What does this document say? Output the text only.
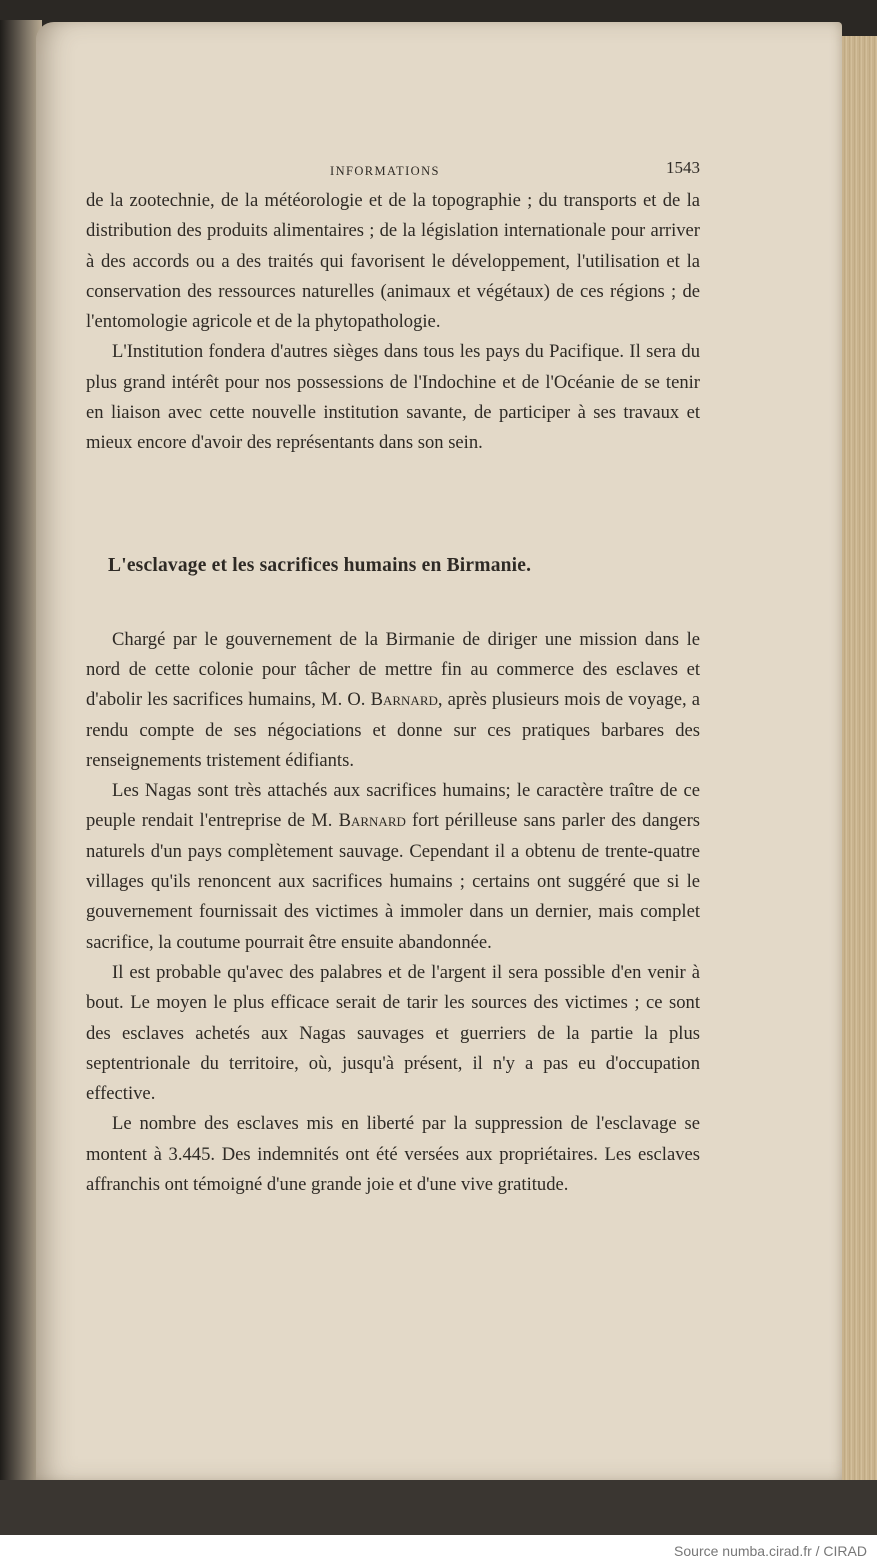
INFORMATIONS	1543

de la zootechnie, de la météorologie et de la topographie ; du transports et de la distribution des produits alimentaires ; de la législation internationale pour arriver à des accords ou a des traités qui favorisent le développement, l'utilisation et la conservation des ressources naturelles (animaux et végétaux) de ces régions ; de l'entomologie agricole et de la phytopathologie.

L'Institution fondera d'autres sièges dans tous les pays du Pacifique. Il sera du plus grand intérêt pour nos possessions de l'Indochine et de l'Océanie de se tenir en liaison avec cette nouvelle institution savante, de participer à ses travaux et mieux encore d'avoir des représentants dans son sein.

L'esclavage et les sacrifices humains en Birmanie.

Chargé par le gouvernement de la Birmanie de diriger une mission dans le nord de cette colonie pour tâcher de mettre fin au commerce des esclaves et d'abolir les sacrifices humains, M. O. Barnard, après plusieurs mois de voyage, a rendu compte de ses négociations et donne sur ces pratiques barbares des renseignements tristement édifiants.

Les Nagas sont très attachés aux sacrifices humains; le caractère traître de ce peuple rendait l'entreprise de M. Barnard fort périlleuse sans parler des dangers naturels d'un pays complètement sauvage. Cependant il a obtenu de trente-quatre villages qu'ils renoncent aux sacrifices humains ; certains ont suggéré que si le gouvernement fournissait des victimes à immoler dans un dernier, mais complet sacrifice, la coutume pourrait être ensuite abandonnée.

Il est probable qu'avec des palabres et de l'argent il sera possible d'en venir à bout. Le moyen le plus efficace serait de tarir les sources des victimes ; ce sont des esclaves achetés aux Nagas sauvages et guerriers de la partie la plus septentrionale du territoire, où, jusqu'à présent, il n'y a pas eu d'occupation effective.

Le nombre des esclaves mis en liberté par la suppression de l'esclavage se montent à 3.445. Des indemnités ont été versées aux propriétaires. Les esclaves affranchis ont témoigné d'une grande joie et d'une vive gratitude.

Source numba.cirad.fr / CIRAD
